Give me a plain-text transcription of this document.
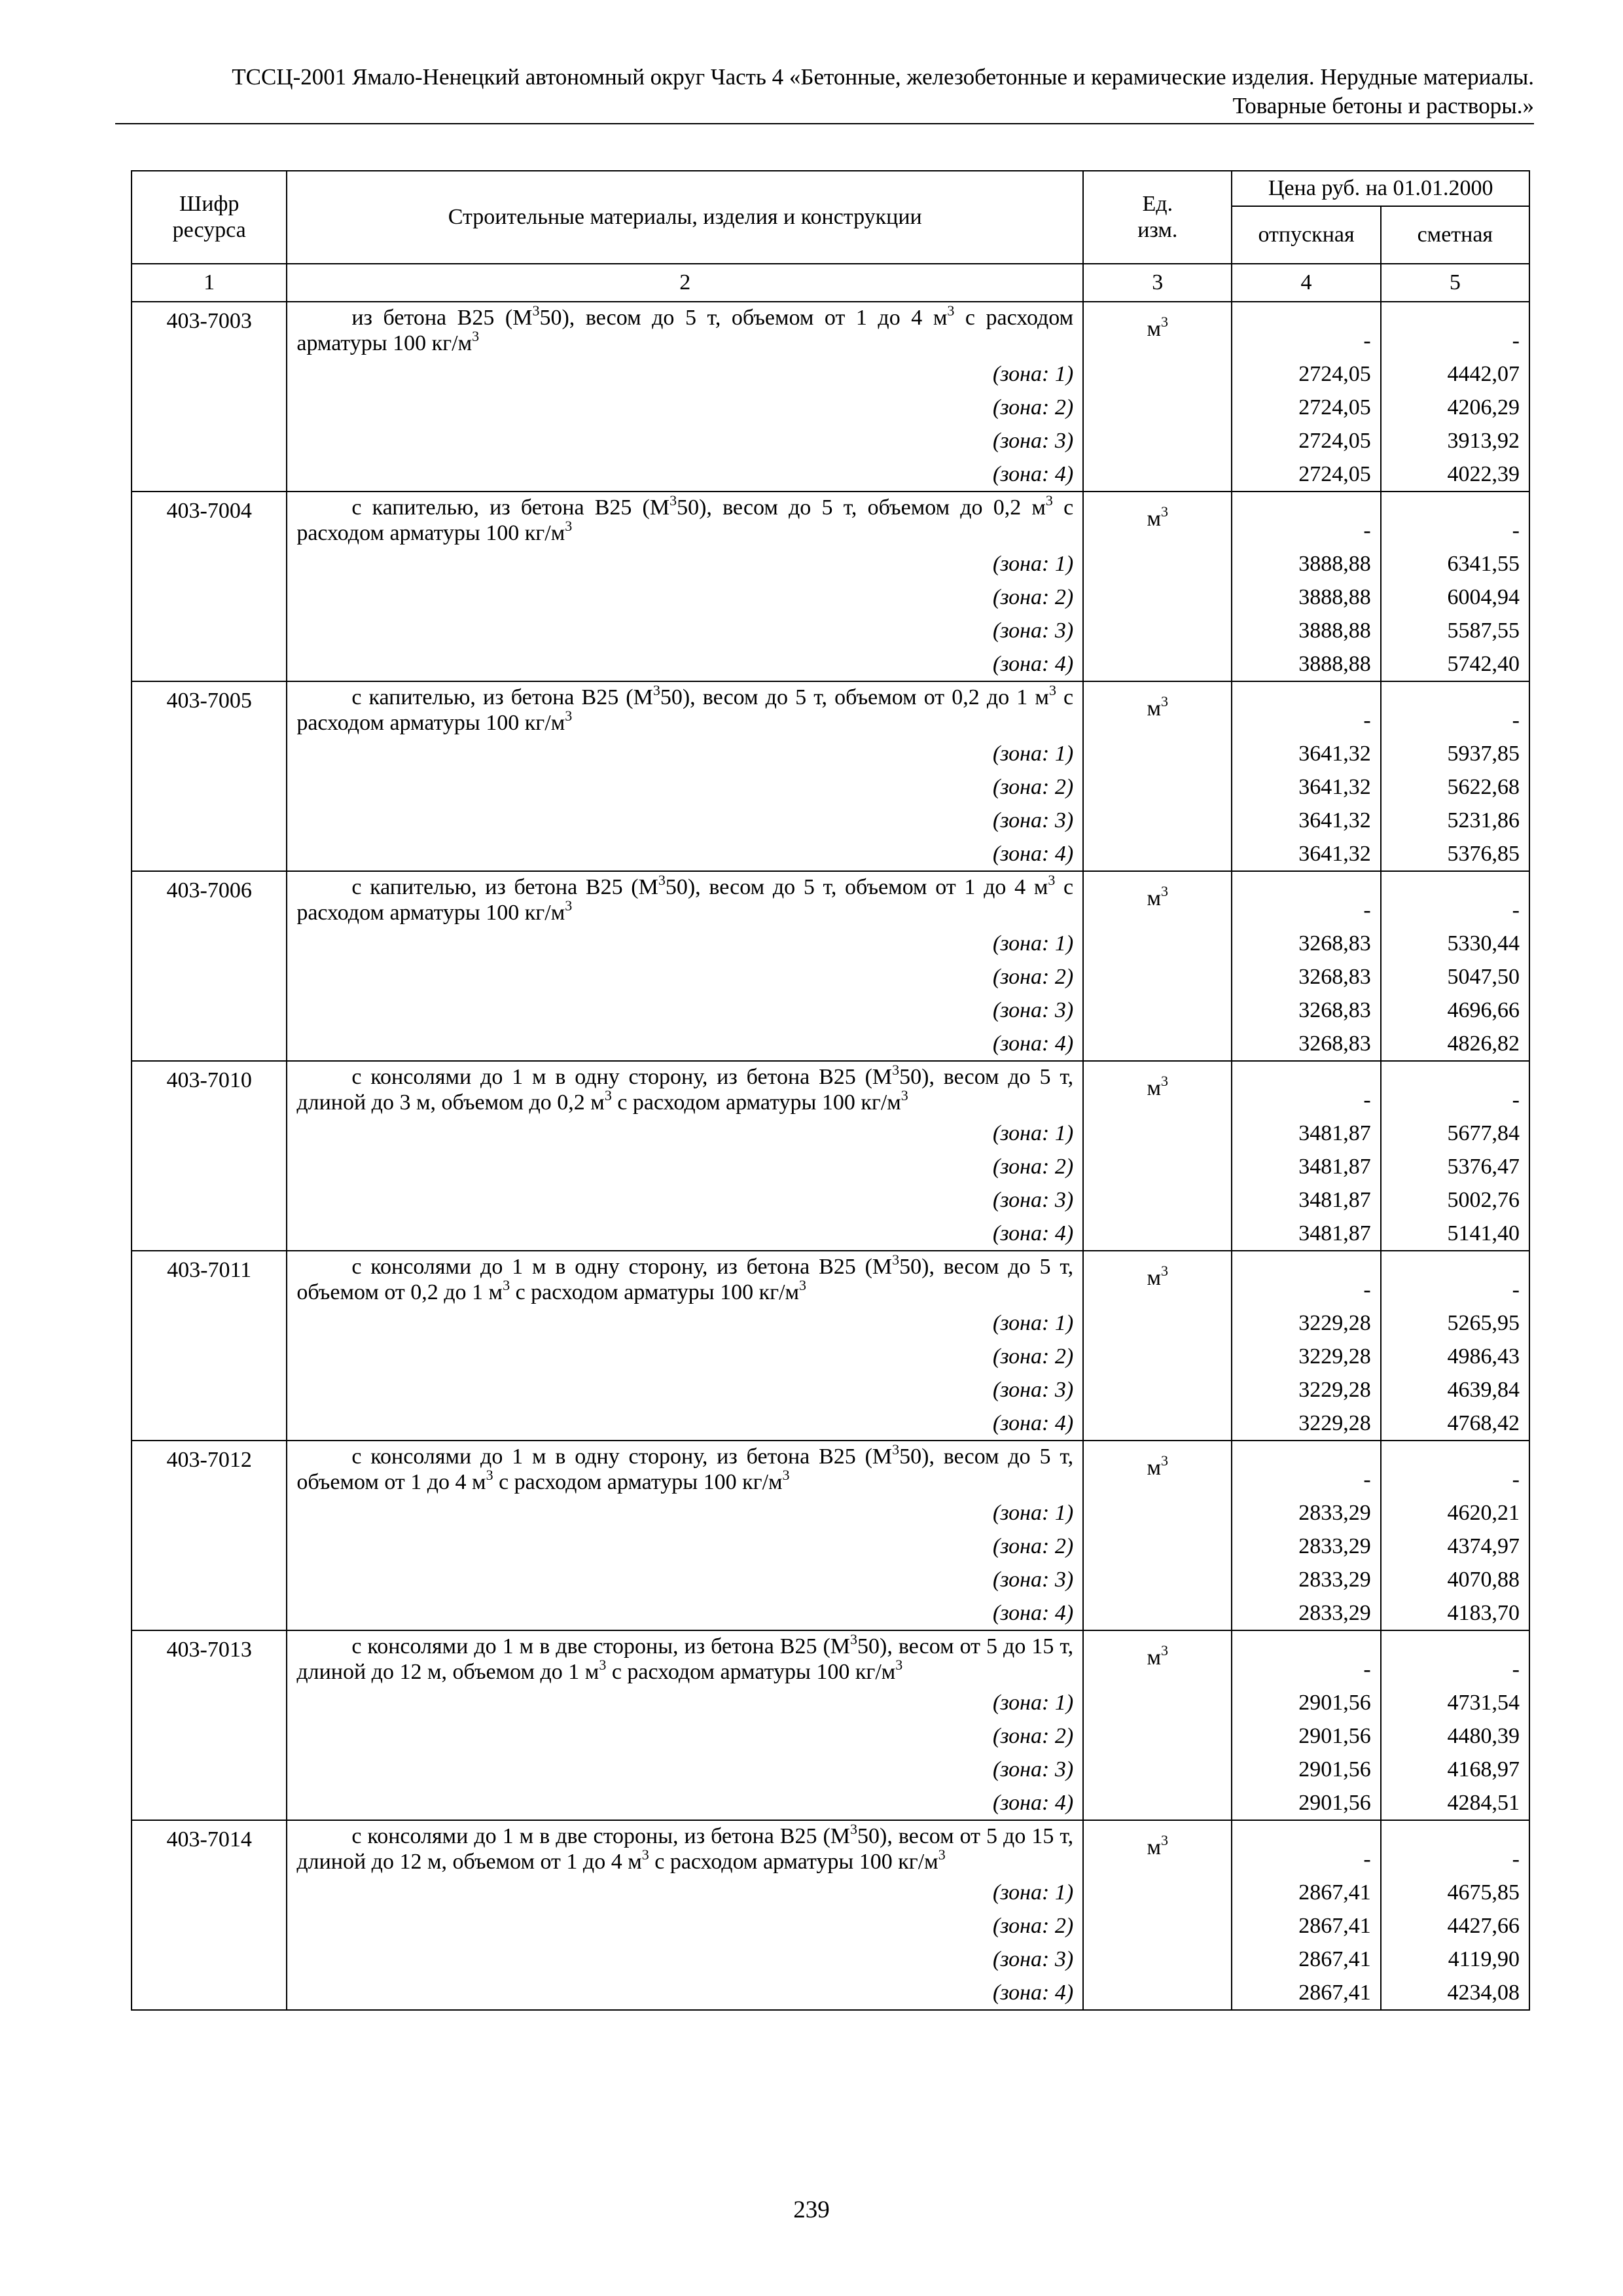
ТССЦ-2001 Ямало-Ненецкий автономный округ Часть 4 «Бетонные, железобетонные и керамические изделия. Нерудные материалы.
Товарные бетоны и растворы.»
Шифр ресурса	Строительные материалы, изделия и конструкции	Ед. изм.	Цена руб. на 01.01.2000	
			отпускная	сметная
1	2	3	4	5
403-7003	из бетона В25 $(М^350)$, весом до 5 т, объемом от 1 до 4 $м^3$ с расходом арматуры 100 $кг/м^3$	$м^3$	-	-
	(зона: 1)		2724,05	4442,07
	(зона: 2)		2724,05	4206,29
	(зона: 3)		2724,05	3913,92
	(зона: 4)		2724,05	4022,39
403-7004	с капителью, из бетона В25 $(М^350)$, весом до 5 т, объемом до 0,2 $м^3$ с расходом арматуры 100 $кг/м^3$	$м^3$	-	-
	(зона: 1)		3888,88	6341,55
	(зона: 2)		3888,88	6004,94
	(зона: 3)		3888,88	5587,55
	(зона: 4)		3888,88	5742,40
403-7005	с капителью, из бетона В25 $(М^350)$, весом до 5 т, объемом от 0,2 до 1 $м^3$ с расходом арматуры 100 $кг/м^3$	$м^3$	-	-
	(зона: 1)		3641,32	5937,85
	(зона: 2)		3641,32	5622,68
	(зона: 3)		3641,32	5231,86
	(зона: 4)		3641,32	5376,85
403-7006	с капителью, из бетона В25 $(М^350)$, весом до 5 т, объемом от 1 до 4 $м^3$ с расходом арматуры 100 $кг/м^3$	$м^3$	-	-
	(зона: 1)		3268,83	5330,44
	(зона: 2)		3268,83	5047,50
	(зона: 3)		3268,83	4696,66
	(зона: 4)		3268,83	4826,82
403-7010	с консолями до 1 м в одну сторону, из бетона В25 $(М^350)$, весом до 5 т, длиной до 3 м, объемом до 0,2 $м^3$ с расходом арматуры 100 $кг/м^3$	$м^3$	-	-
	(зона: 1)		3481,87	5677,84
	(зона: 2)		3481,87	5376,47
	(зона: 3)		3481,87	5002,76
	(зона: 4)		3481,87	5141,40
403-7011	с консолями до 1 м в одну сторону, из бетона В25 $(М^350)$, весом до 5 т, объемом от 0,2 до 1 $м^3$ с расходом арматуры 100 $кг/м^3$	$м^3$	-	-
	(зона: 1)		3229,28	5265,95
	(зона: 2)		3229,28	4986,43
	(зона: 3)		3229,28	4639,84
	(зона: 4)		3229,28	4768,42
403-7012	с консолями до 1 м в одну сторону, из бетона В25 $(М^350)$, весом до 5 т, объемом от 1 до 4 $м^3$ с расходом арматуры 100 $кг/м^3$	$м^3$	-	-
	(зона: 1)		2833,29	4620,21
	(зона: 2)		2833,29	4374,97
	(зона: 3)		2833,29	4070,88
	(зона: 4)		2833,29	4183,70
403-7013	с консолями до 1 м в две стороны, из бетона В25 $(М^350)$, весом от 5 до 15 т, длиной до 12 м, объемом до 1 $м^3$ с расходом арматуры 100 $кг/м^3$	$м^3$	-	-
	(зона: 1)		2901,56	4731,54
	(зона: 2)		2901,56	4480,39
	(зона: 3)		2901,56	4168,97
	(зона: 4)		2901,56	4284,51
403-7014	с консолями до 1 м в две стороны, из бетона В25 $(М^350)$, весом от 5 до 15 т, длиной до 12 м, объемом от 1 до 4 $м^3$ с расходом арматуры 100 $кг/м^3$	$м^3$	-	-
	(зона: 1)		2867,41	4675,85
	(зона: 2)		2867,41	4427,66
	(зона: 3)		2867,41	4119,90
	(зона: 4)		2867,41	4234,08
239
